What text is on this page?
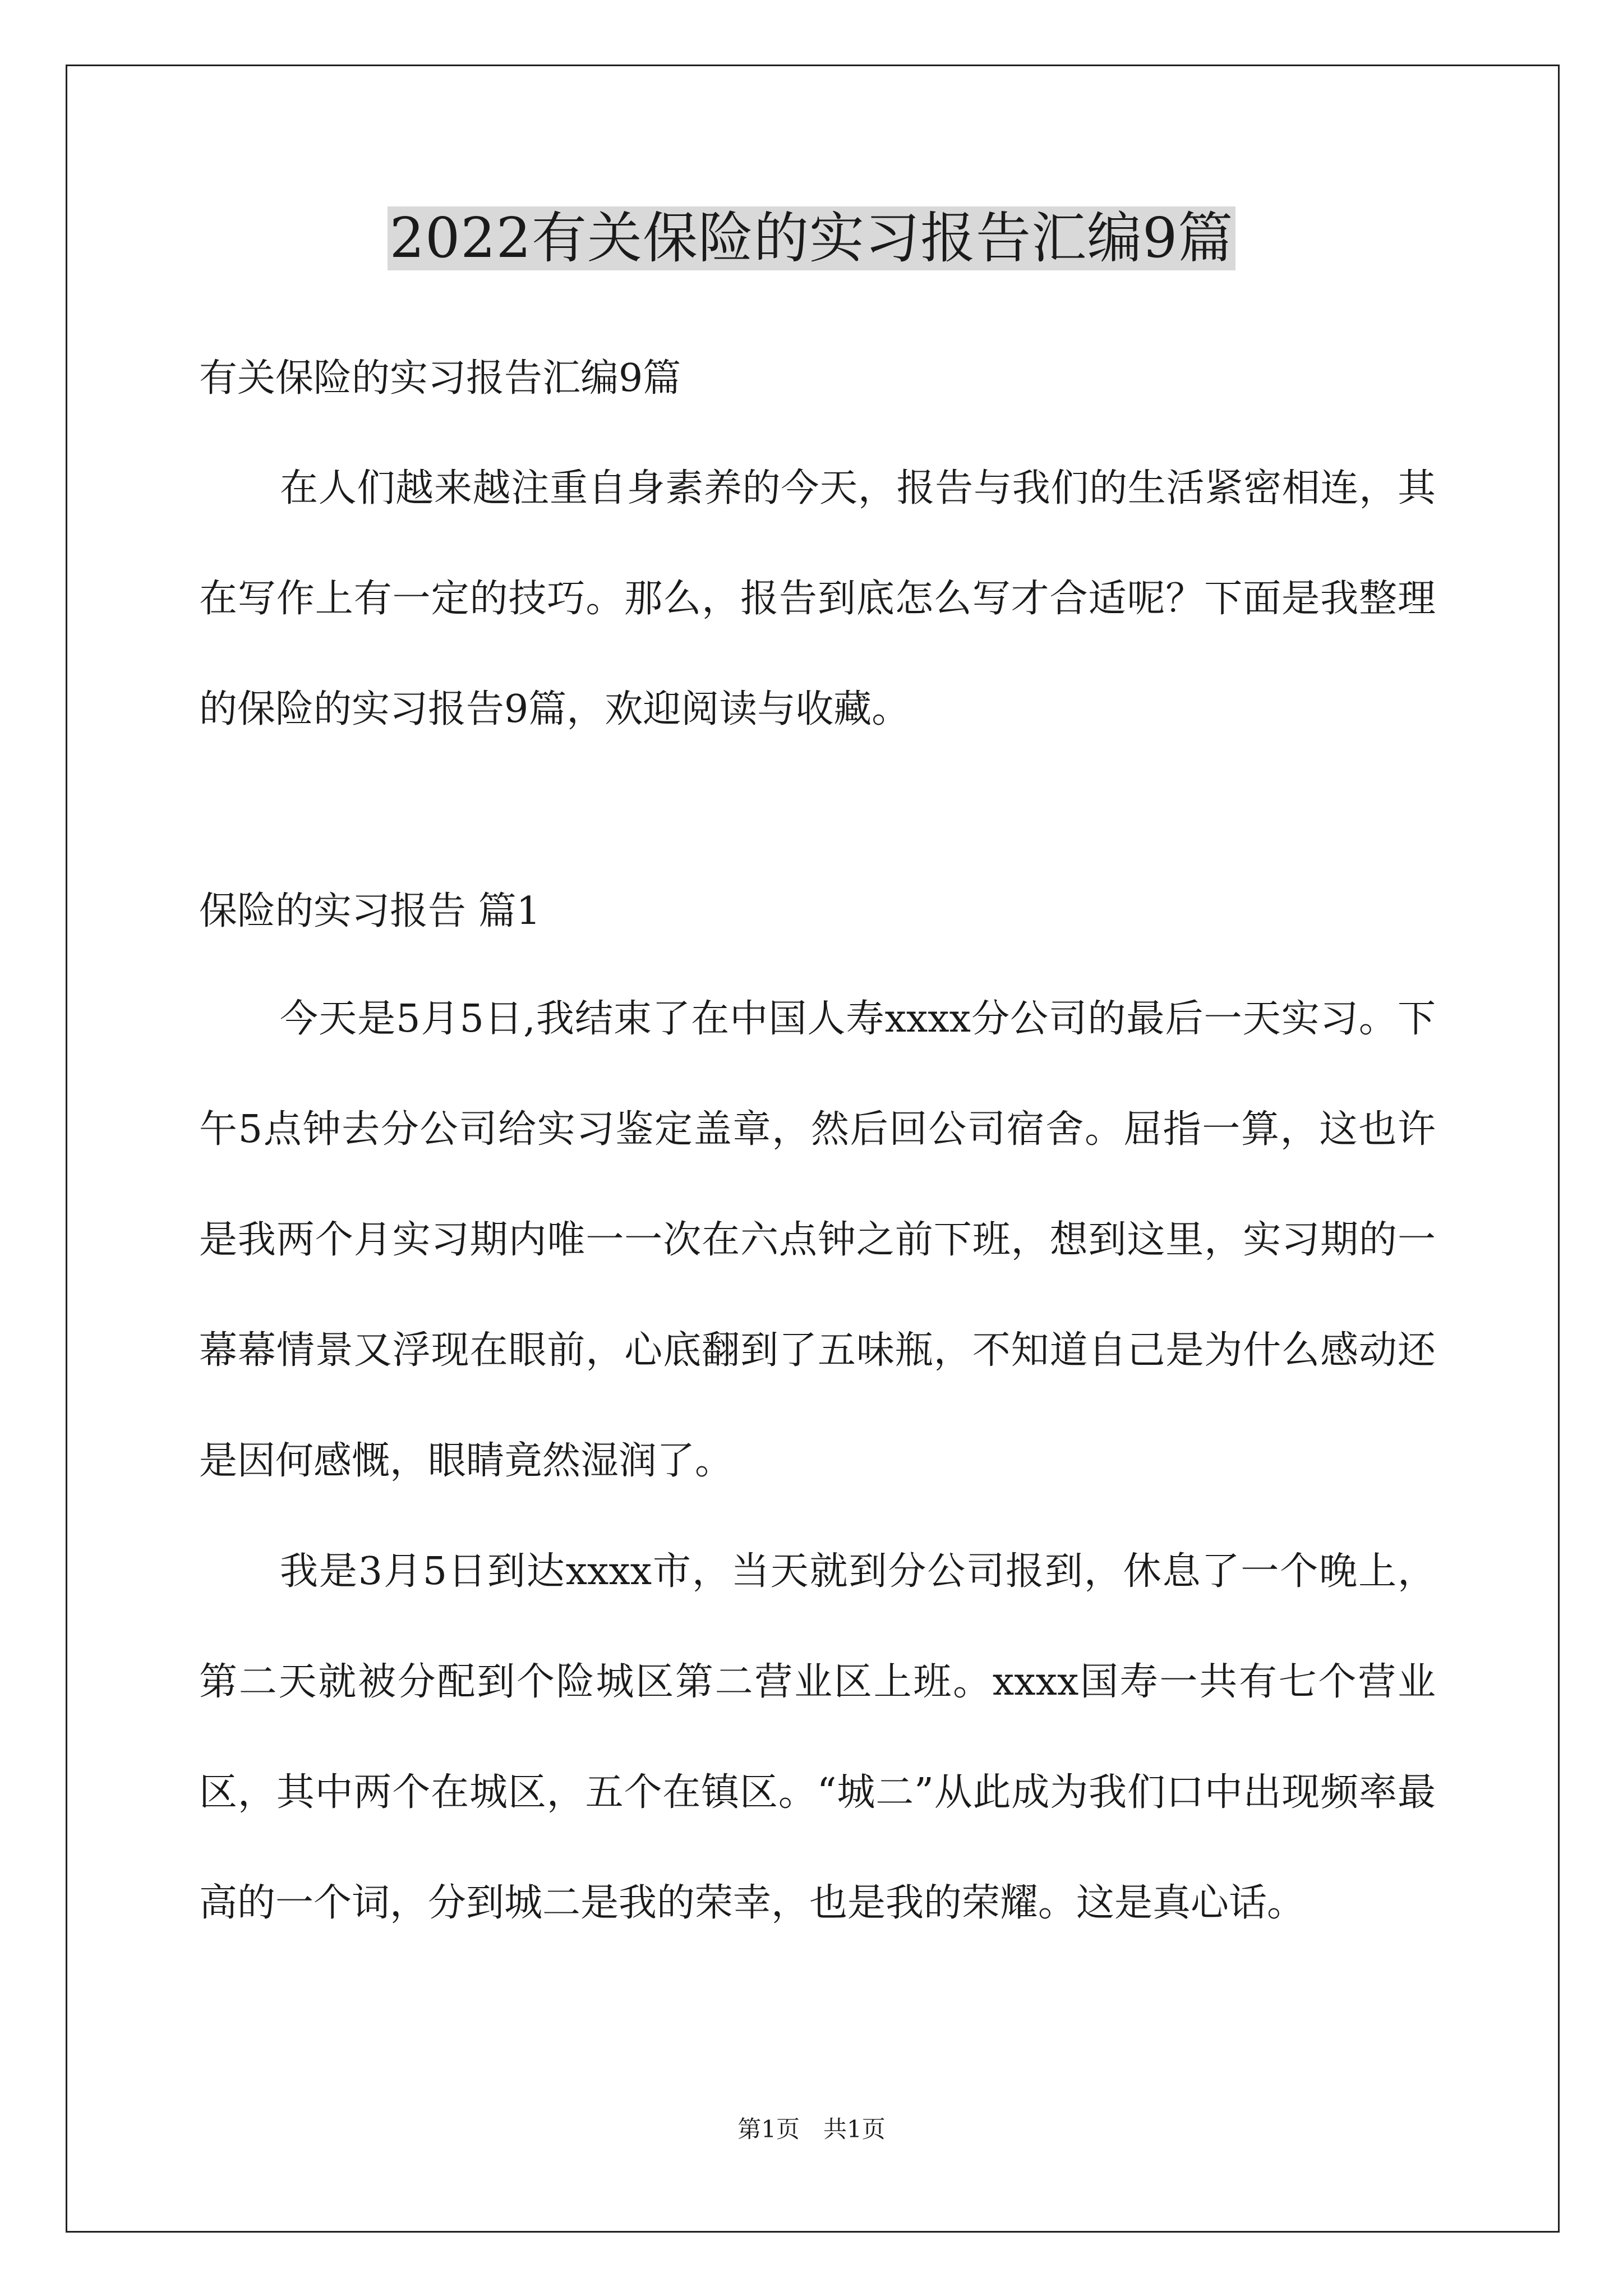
2022有关保险的实习报告汇编9篇
有关保险的实习报告汇编9篇

在人们越来越注重自身素养的今天，报告与我们的生活紧密相连，其在写作上有一定的技巧。那么，报告到底怎么写才合适呢？下面是我整理的保险的实习报告9篇，欢迎阅读与收藏。

保险的实习报告 篇1

今天是5月5日,我结束了在中国人寿xxxx分公司的最后一天实习。下午5点钟去分公司给实习鉴定盖章，然后回公司宿舍。屈指一算，这也许是我两个月实习期内唯一一次在六点钟之前下班，想到这里，实习期的一幕幕情景又浮现在眼前，心底翻到了五味瓶，不知道自己是为什么感动还是因何感慨，眼睛竟然湿润了。

我是3月5日到达xxxx市，当天就到分公司报到，休息了一个晚上，第二天就被分配到个险城区第二营业区上班。xxxx国寿一共有七个营业区，其中两个在城区，五个在镇区。“城二”从此成为我们口中出现频率最高的一个词，分到城二是我的荣幸，也是我的荣耀。这是真心话。

第1页　共1页
